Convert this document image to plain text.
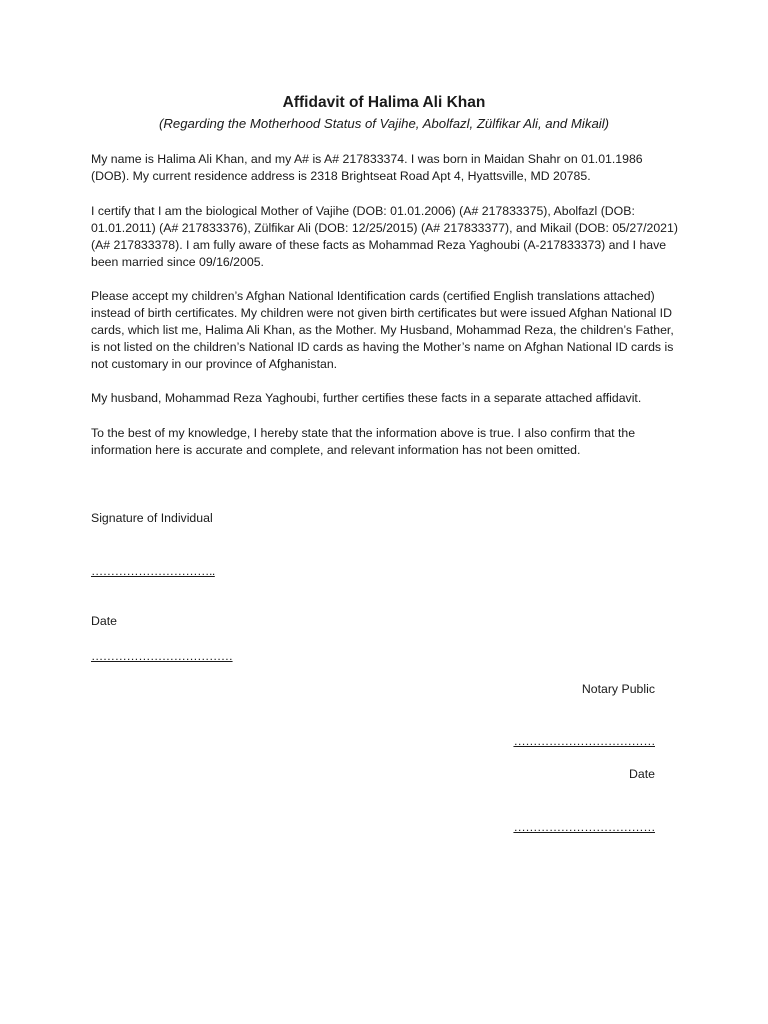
Affidavit of Halima Ali Khan
(Regarding the Motherhood Status of Vajihe, Abolfazl, Zülfikar Ali, and Mikail)

My name is Halima Ali Khan, and my A# is A# 217833374. I was born in Maidan Shahr on 01.01.1986 (DOB). My current residence address is 2318 Brightseat Road Apt 4, Hyattsville, MD 20785.

I certify that I am the biological Mother of Vajihe (DOB: 01.01.2006) (A# 217833375), Abolfazl (DOB: 01.01.2011) (A# 217833376), Zülfikar Ali (DOB: 12/25/2015) (A# 217833377), and Mikail (DOB: 05/27/2021) (A# 217833378). I am fully aware of these facts as Mohammad Reza Yaghoubi (A-217833373) and I have been married since 09/16/2005.

Please accept my children’s Afghan National Identification cards (certified English translations attached) instead of birth certificates. My children were not given birth certificates but were issued Afghan National ID cards, which list me, Halima Ali Khan, as the Mother. My Husband, Mohammad Reza, the children’s Father, is not listed on the children’s National ID cards as having the Mother’s name on Afghan National ID cards is not customary in our province of Afghanistan.

My husband, Mohammad Reza Yaghoubi, further certifies these facts in a separate attached affidavit.

To the best of my knowledge, I hereby state that the information above is true. I also confirm that the information here is accurate and complete, and relevant information has not been omitted.

Signature of Individual
…………………………..
Date
………………………………
Notary Public
………………………………
Date
………………………………
